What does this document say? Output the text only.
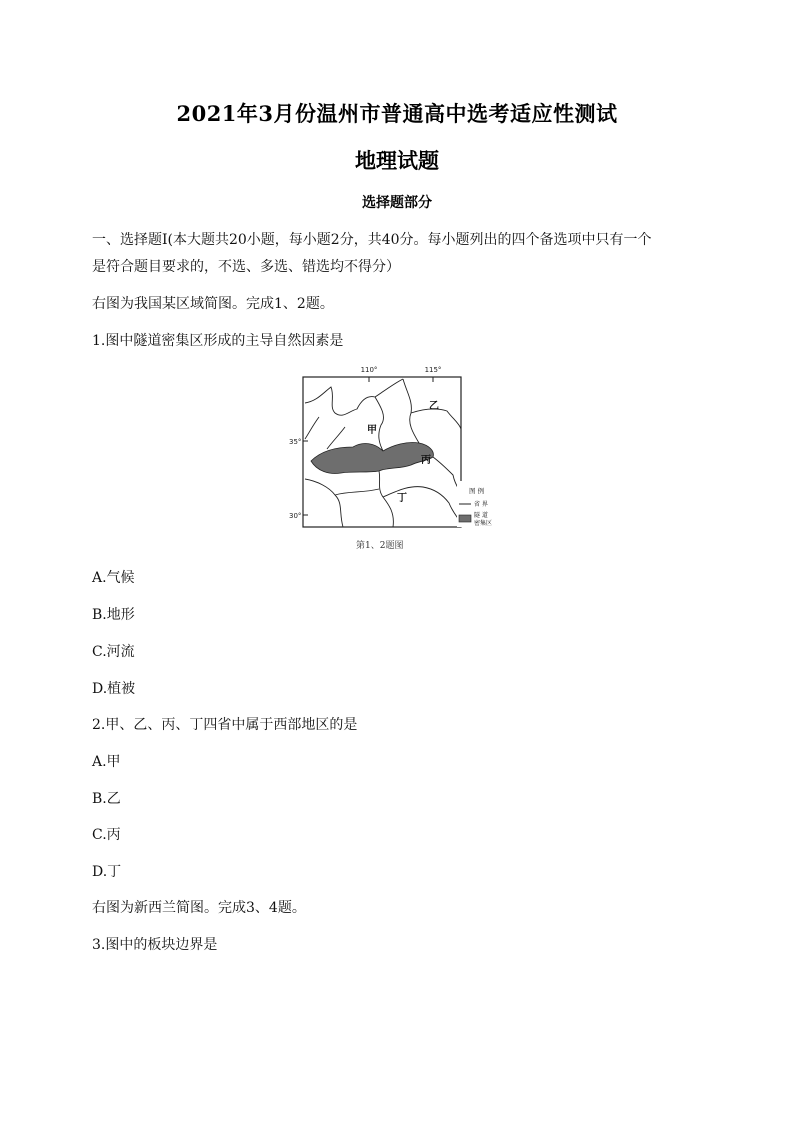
2021年3月份温州市普通高中选考适应性测试
地理试题
选择题部分
一、选择题Ⅰ(本大题共20小题，每小题2分，共40分。每小题列出的四个备选项中只有一个
是符合题目要求的，不选、多选、错选均不得分）
右图为我国某区域简图。完成1、2题。
1.图中隧道密集区形成的主导自然因素是
110°	115°
35°
30°
甲
乙
丙
丁
图 例
省 界
隧 道
密集区
第1、2题图
A.气候
B.地形
C.河流
D.植被
2.甲、乙、丙、丁四省中属于西部地区的是
A.甲
B.乙
C.丙
D.丁
右图为新西兰简图。完成3、4题。
3.图中的板块边界是
